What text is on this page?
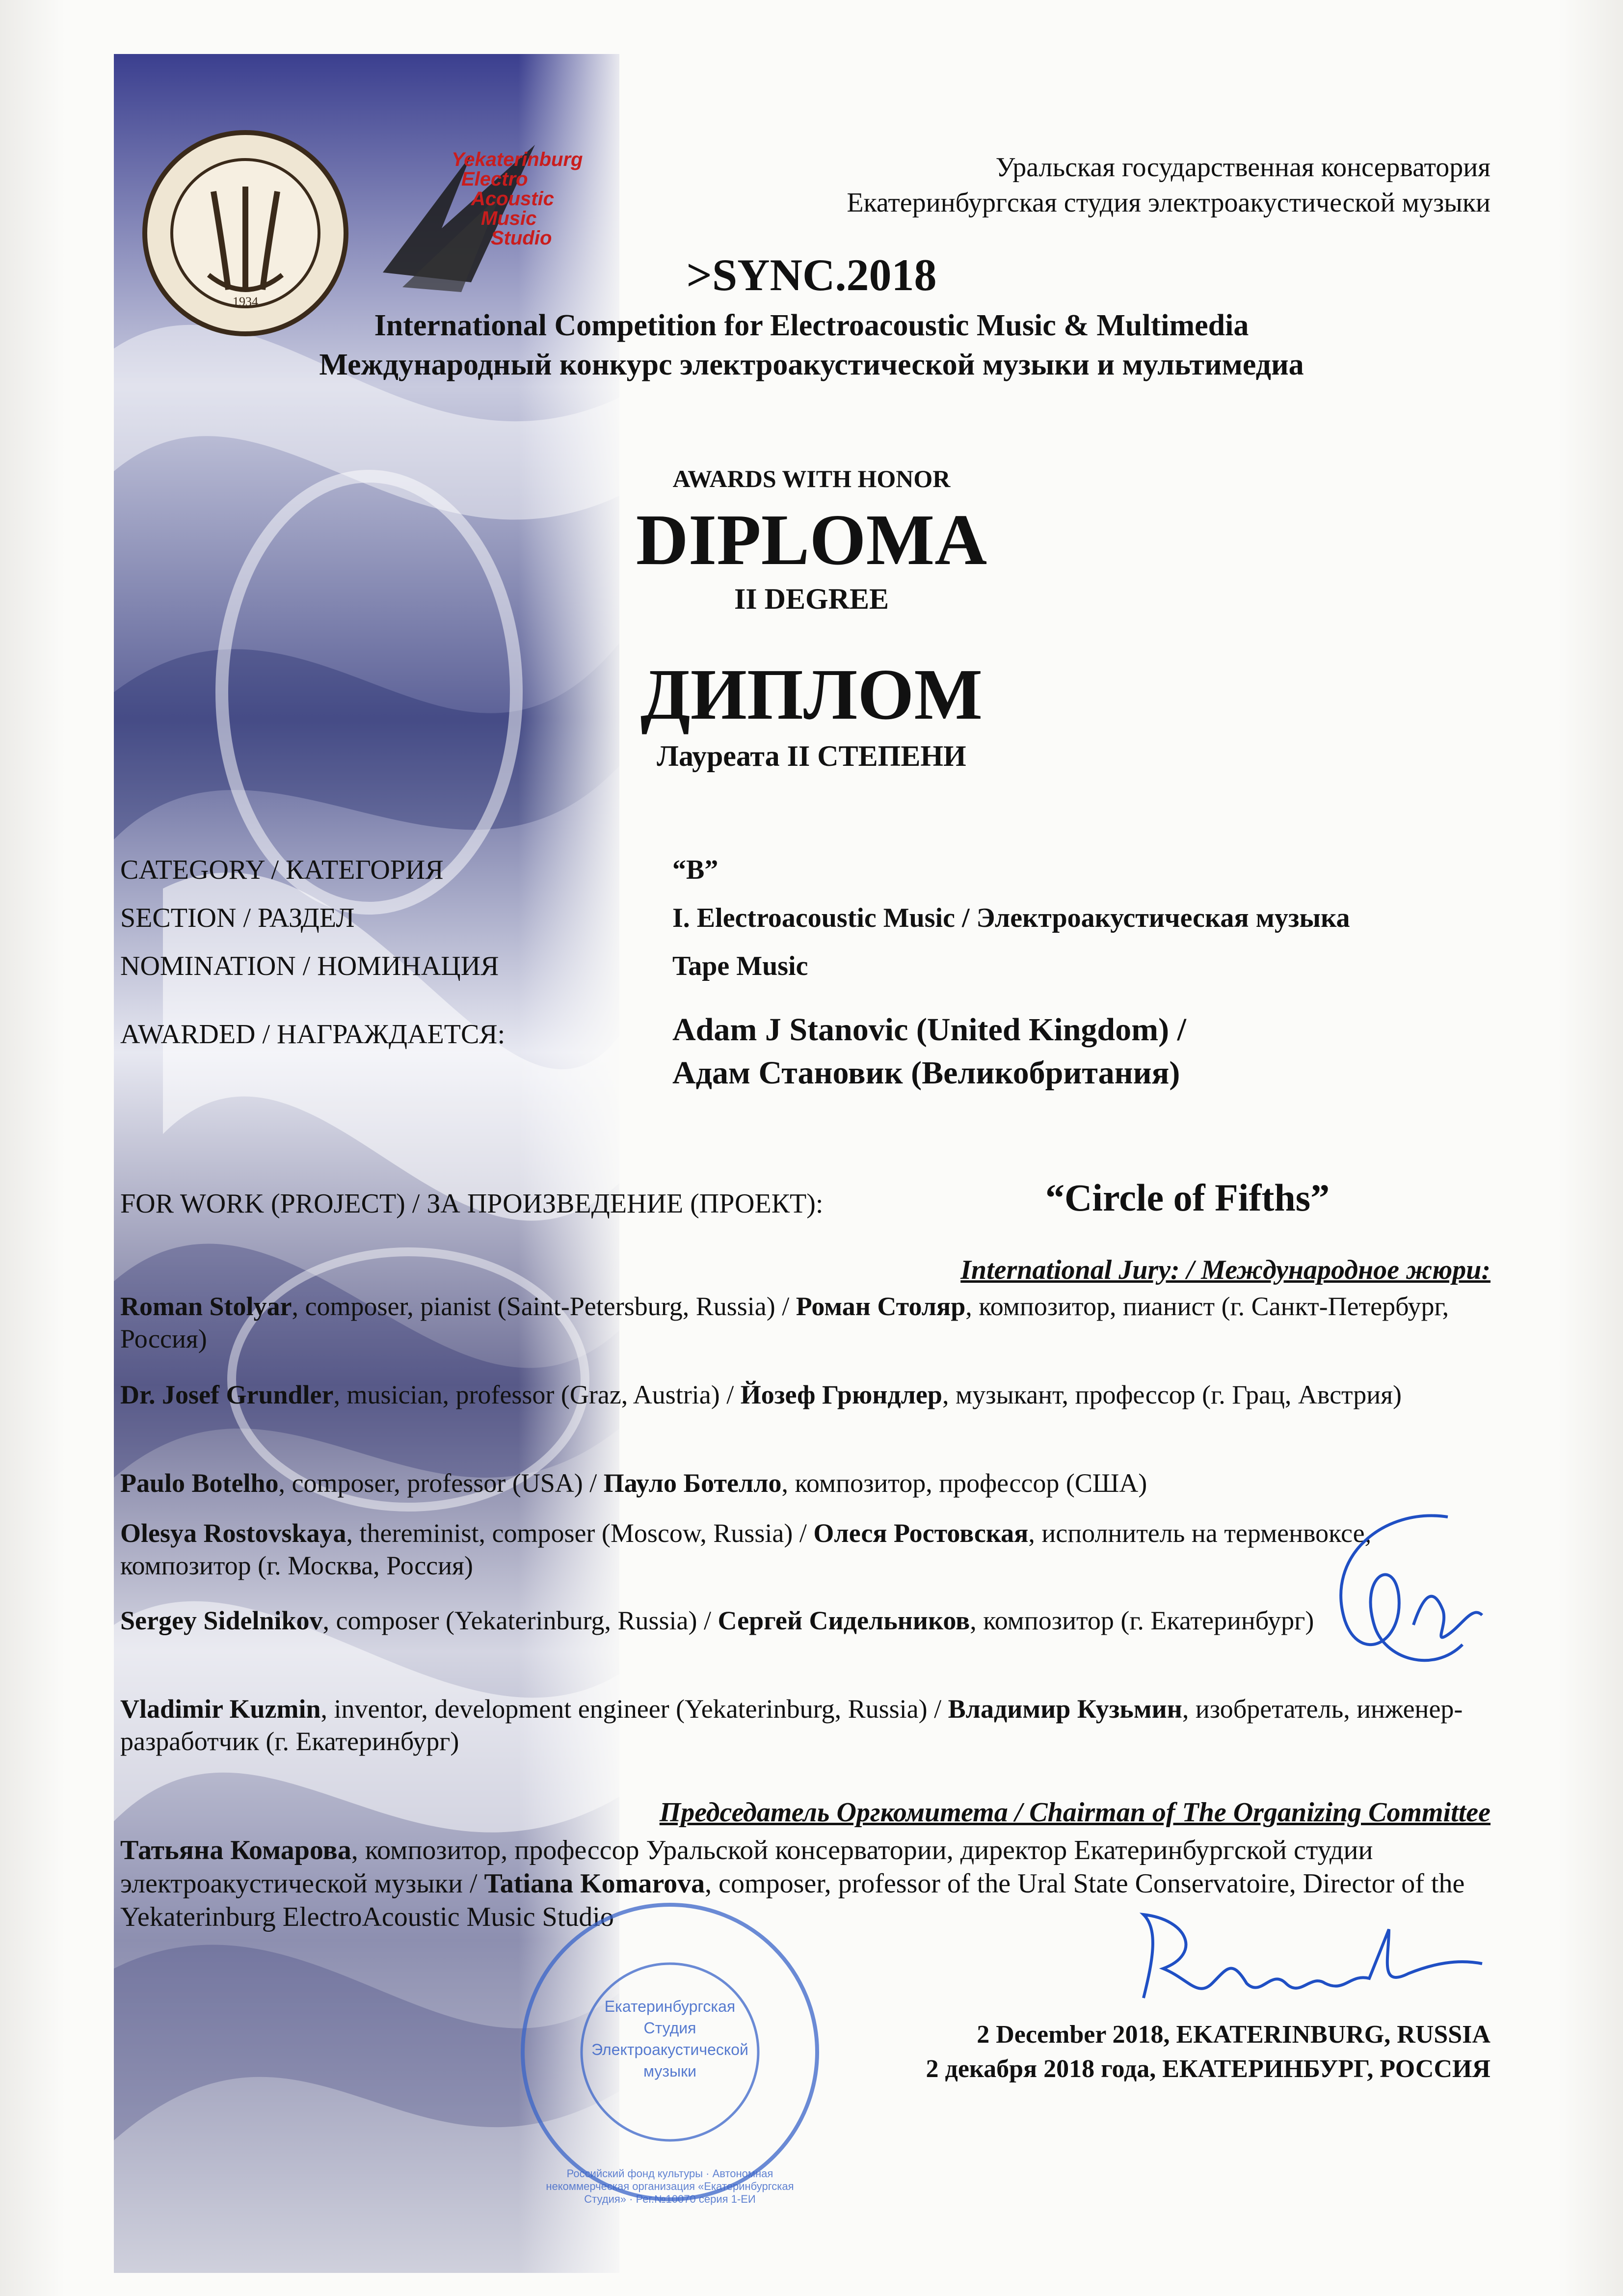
1934
Yekaterinburg
Electro
Acoustic
Music
Studio
Уральская государственная консерватория
Екатеринбургская студия электроакустической музыки
>SYNC.2018
International Competition for Electroacoustic Music & Multimedia
Международный конкурс электроакустической музыки и мультимедиа
AWARDS WITH HONOR
DIPLOMA
II DEGREE
ДИПЛОМ
Лауреата II СТЕПЕНИ
CATEGORY / КАТЕГОРИЯ	“B”
SECTION / РАЗДЕЛ	I. Electroacoustic Music / Электроакустическая музыка
NOMINATION / НОМИНАЦИЯ	Tape Music
AWARDED / НАГРАЖДАЕТСЯ:	Adam J Stanovic (United Kingdom) /
Адам Становик (Великобритания)
FOR WORK (PROJECT) / ЗА ПРОИЗВЕДЕНИЕ (ПРОЕКТ):	“Circle of Fifths”
International Jury: / Международное жюри:
Roman Stolyar, composer, pianist (Saint-Petersburg, Russia) / Роман Столяр, композитор, пианист (г. Санкт-Петербург, Россия)
Dr. Josef Grundler, musician, professor (Graz, Austria) / Йозеф Грюндлер, музыкант, профессор (г. Грац, Австрия)
Paulo Botelho, composer, professor (USA) / Пауло Ботелло, композитор, профессор (США)
Olesya Rostovskaya, thereminist, composer (Moscow, Russia) / Олеся Ростовская, исполнитель на терменвоксе, композитор (г. Москва, Россия)
Sergey Sidelnikov, composer (Yekaterinburg, Russia) / Сергей Сидельников, композитор (г. Екатеринбург)
Vladimir Kuzmin, inventor, development engineer (Yekaterinburg, Russia) / Владимир Кузьмин, изобретатель, инженер-разработчик (г. Екатеринбург)
Председатель Оргкомитета / Chairman of The Organizing Committee
Татьяна Комарова, композитор, профессор Уральской консерватории, директор Екатеринбургской студии электроакустической музыки / Tatiana Komarova, composer, professor of the Ural State Conservatoire, Director of the Yekaterinburg ElectroAcoustic Music Studio
Екатеринбургская
Студия
Электроакустической
музыки
Российский фонд культуры · Автономная некоммерческая организация «Екатеринбургская Студия» · Рег.№10070 серия 1-ЕИ
2 December 2018, EKATERINBURG, RUSSIA
2 декабря 2018 года, ЕКАТЕРИНБУРГ, РОССИЯ
